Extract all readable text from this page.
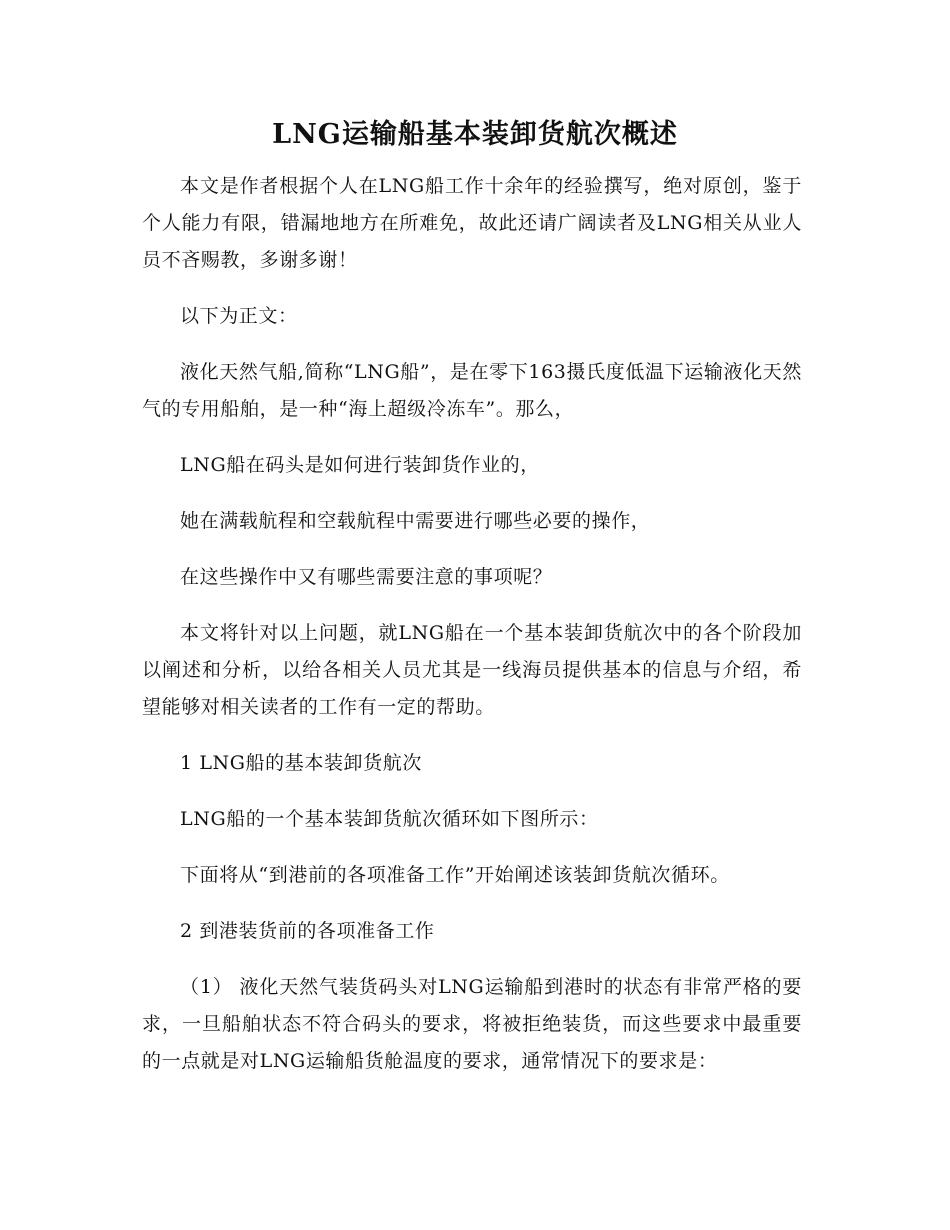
LNG运输船基本装卸货航次概述

本文是作者根据个人在LNG船工作十余年的经验撰写，绝对原创，鉴于个人能力有限，错漏地地方在所难免，故此还请广阔读者及LNG相关从业人员不吝赐教，多谢多谢！

以下为正文：

液化天然气船,简称“LNG船”，是在零下163摄氏度低温下运输液化天然气的专用船舶，是一种“海上超级冷冻车”。那么，

LNG船在码头是如何进行装卸货作业的，

她在满载航程和空载航程中需要进行哪些必要的操作，

在这些操作中又有哪些需要注意的事项呢？

本文将针对以上问题，就LNG船在一个基本装卸货航次中的各个阶段加以阐述和分析，以给各相关人员尤其是一线海员提供基本的信息与介绍，希望能够对相关读者的工作有一定的帮助。

1 LNG船的基本装卸货航次

LNG船的一个基本装卸货航次循环如下图所示：

下面将从“到港前的各项准备工作”开始阐述该装卸货航次循环。

2 到港装货前的各项准备工作

（1） 液化天然气装货码头对LNG运输船到港时的状态有非常严格的要求，一旦船舶状态不符合码头的要求，将被拒绝装货，而这些要求中最重要的一点就是对LNG运输船货舱温度的要求，通常情况下的要求是：
